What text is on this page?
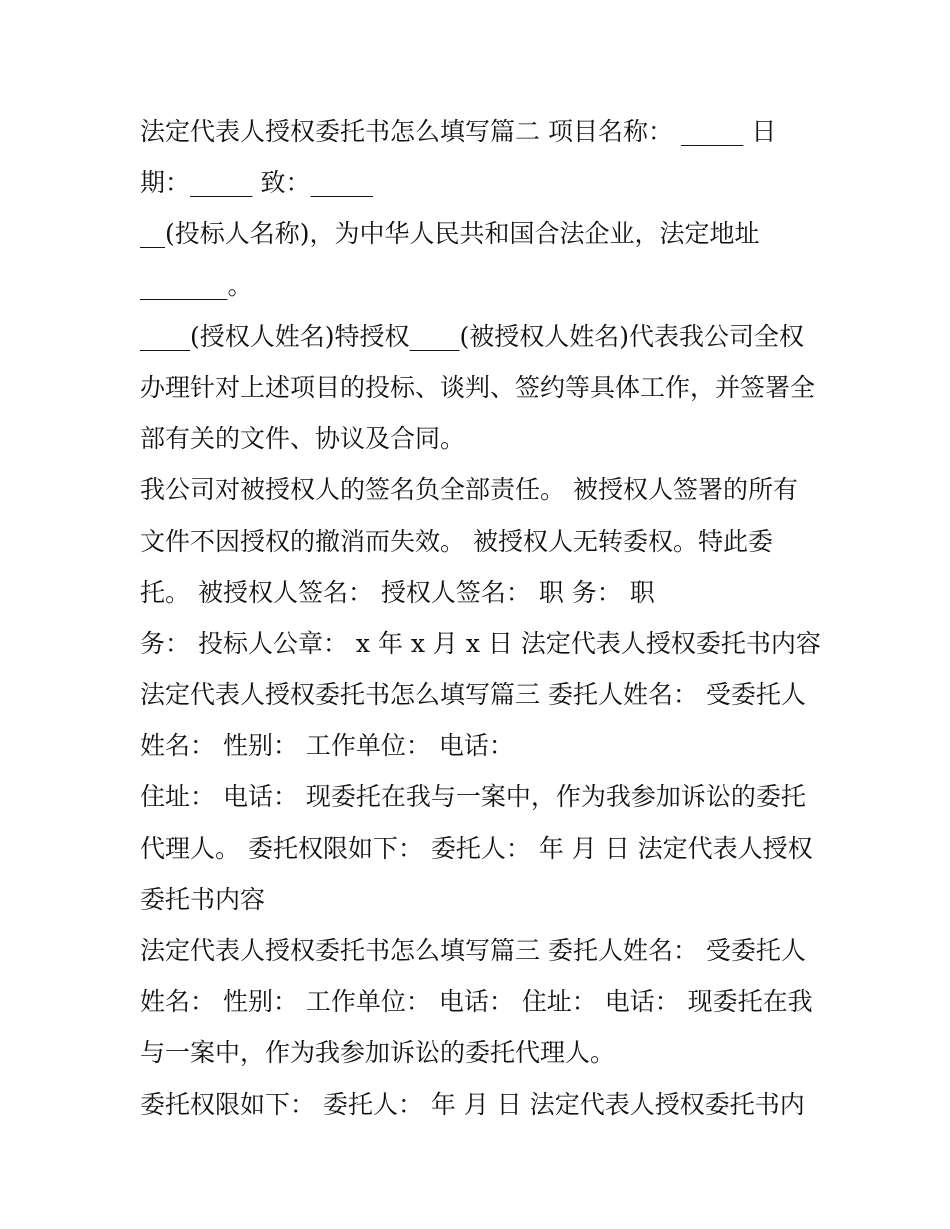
法定代表人授权委托书怎么填写篇二 项目名称： _____ 日
期：_____ 致：_____
__(投标人名称)，为中华人民共和国合法企业，法定地址
_______。
____(授权人姓名)特授权____(被授权人姓名)代表我公司全权
办理针对上述项目的投标、谈判、签约等具体工作，并签署全
部有关的文件、协议及合同。
我公司对被授权人的签名负全部责任。 被授权人签署的所有
文件不因授权的撤消而失效。 被授权人无转委权。特此委
托。 被授权人签名： 授权人签名： 职 务： 职
务： 投标人公章： x 年 x 月 x 日 法定代表人授权委托书内容
法定代表人授权委托书怎么填写篇三 委托人姓名： 受委托人
姓名： 性别： 工作单位： 电话：
住址： 电话： 现委托在我与一案中，作为我参加诉讼的委托
代理人。 委托权限如下： 委托人： 年 月 日 法定代表人授权
委托书内容
法定代表人授权委托书怎么填写篇三 委托人姓名： 受委托人
姓名： 性别： 工作单位： 电话： 住址： 电话： 现委托在我
与一案中，作为我参加诉讼的委托代理人。
委托权限如下： 委托人： 年 月 日 法定代表人授权委托书内
